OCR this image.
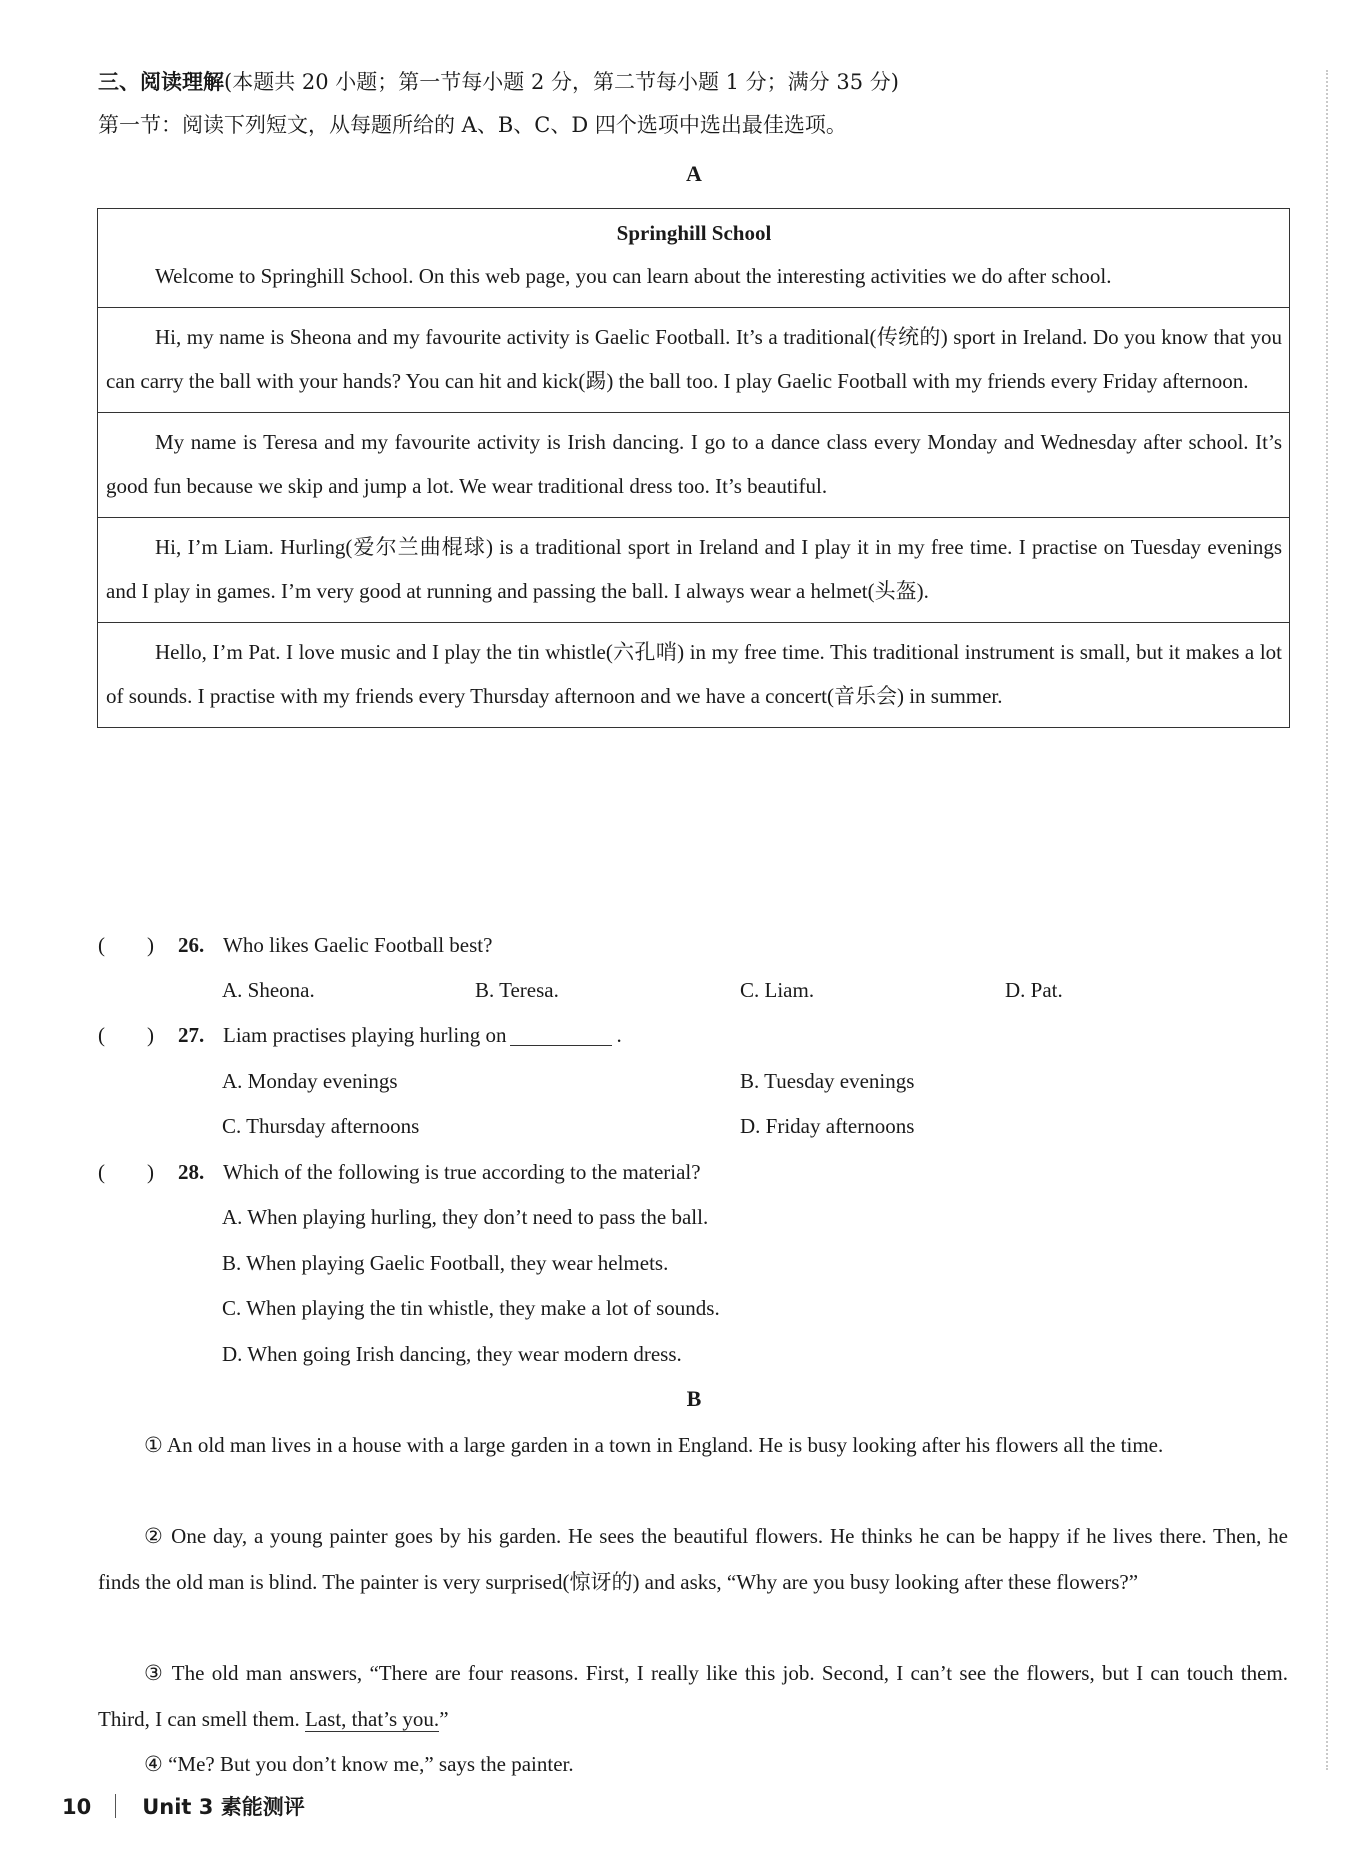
三、阅读理解(本题共 20 小题；第一节每小题 2 分，第二节每小题 1 分；满分 35 分)
第一节：阅读下列短文，从每题所给的 A、B、C、D 四个选项中选出最佳选项。
A
Springhill School
Welcome to Springhill School. On this web page, you can learn about the interesting activities we do after school.
Hi, my name is Sheona and my favourite activity is Gaelic Football. It’s a traditional(传统的) sport in Ireland. Do you know that you can carry the ball with your hands? You can hit and kick(踢) the ball too. I play Gaelic Football with my friends every Friday afternoon.
My name is Teresa and my favourite activity is Irish dancing. I go to a dance class every Monday and Wednesday after school. It’s good fun because we skip and jump a lot. We wear traditional dress too. It’s beautiful.
Hi, I’m Liam. Hurling(爱尔兰曲棍球) is a traditional sport in Ireland and I play it in my free time. I practise on Tuesday evenings and I play in games. I’m very good at running and passing the ball. I always wear a helmet(头盔).
Hello, I’m Pat. I love music and I play the tin whistle(六孔哨) in my free time. This traditional instrument is small, but it makes a lot of sounds. I practise with my friends every Thursday afternoon and we have a concert(音乐会) in summer.
(　　) 26. Who likes Gaelic Football best?
A. Sheona.	B. Teresa.	C. Liam.	D. Pat.
(　　) 27. Liam practises playing hurling on	.
A. Monday evenings	B. Tuesday evenings
C. Thursday afternoons	D. Friday afternoons
(　　) 28. Which of the following is true according to the material?
A. When playing hurling, they don’t need to pass the ball.
B. When playing Gaelic Football, they wear helmets.
C. When playing the tin whistle, they make a lot of sounds.
D. When going Irish dancing, they wear modern dress.
B
① An old man lives in a house with a large garden in a town in England. He is busy looking after his flowers all the time.
② One day, a young painter goes by his garden. He sees the beautiful flowers. He thinks he can be happy if he lives there. Then, he finds the old man is blind. The painter is very surprised(惊讶的) and asks, “Why are you busy looking after these flowers?”
③ The old man answers, “There are four reasons. First, I really like this job. Second, I can’t see the flowers, but I can touch them. Third, I can smell them. Last, that’s you.”
④ “Me? But you don’t know me,” says the painter.
10 Unit 3 素能测评
